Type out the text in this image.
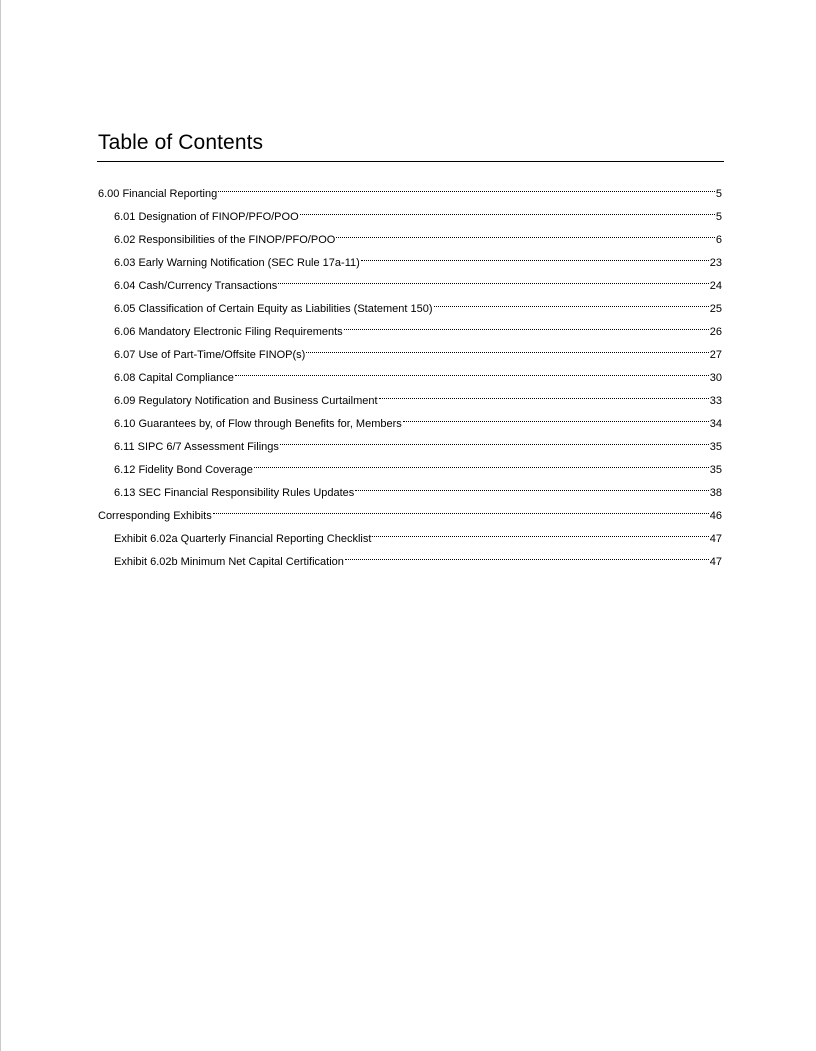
Table of Contents
6.00 Financial Reporting	5
6.01 Designation of FINOP/PFO/POO	5
6.02 Responsibilities of the FINOP/PFO/POO	6
6.03 Early Warning Notification (SEC Rule 17a-11)	23
6.04 Cash/Currency Transactions	24
6.05 Classification of Certain Equity as Liabilities (Statement 150)	25
6.06 Mandatory Electronic Filing Requirements	26
6.07 Use of Part-Time/Offsite FINOP(s)	27
6.08 Capital Compliance	30
6.09 Regulatory Notification and Business Curtailment	33
6.10 Guarantees by, of Flow through Benefits for, Members	34
6.11 SIPC 6/7 Assessment Filings	35
6.12 Fidelity Bond Coverage	35
6.13 SEC Financial Responsibility Rules Updates	38
Corresponding Exhibits	46
Exhibit 6.02a Quarterly Financial Reporting Checklist	47
Exhibit 6.02b Minimum Net Capital Certification	47
